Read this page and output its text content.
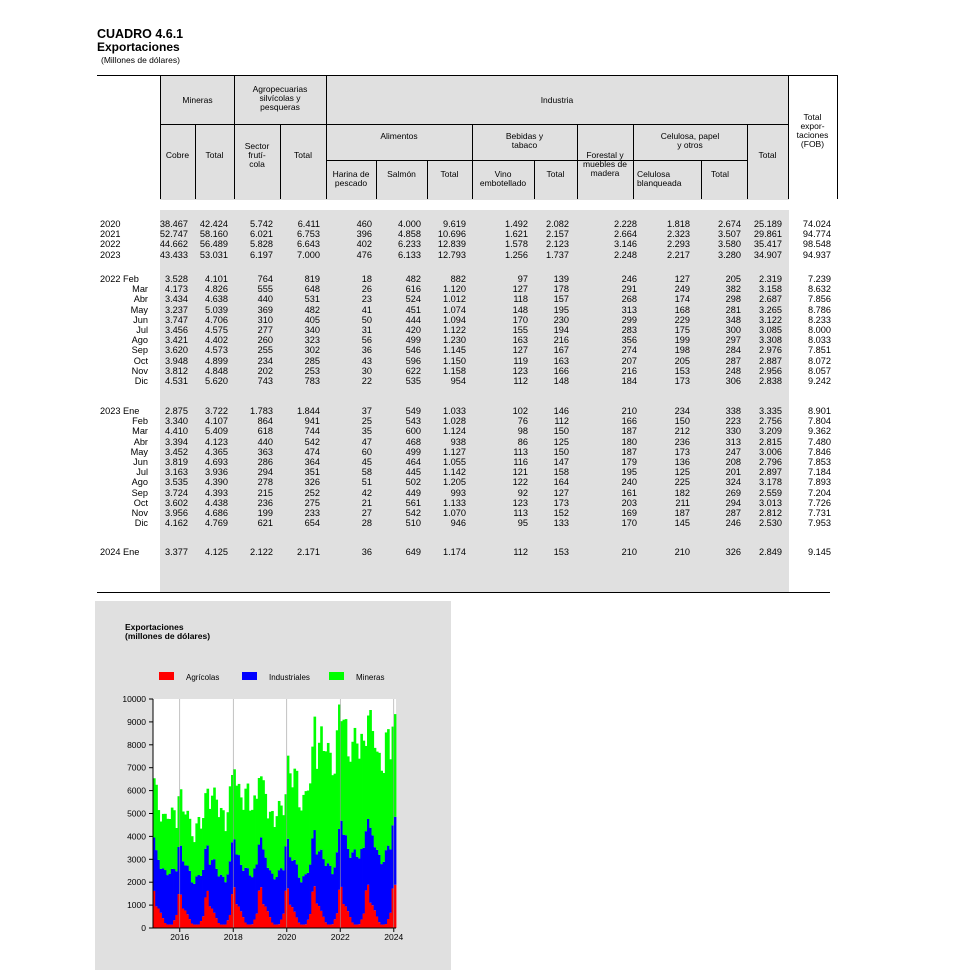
CUADRO 4.6.1
Exportaciones
(Millones de dólares)
Mineras
Agropecuarias
silvícolas y
pesqueras
Industria
Total
expor-
taciones
(FOB)
Cobre	Total
Sector
frutí-
cola
Total
Alimentos	Bebidas y
tabaco
Forestal y
muebles de
madera
Celulosa, papel
y otros
Total
Harina de
pescado
Salmón	Total	Vino
embotellado
Total	Celulosa
blanqueada
Total
2020	38.467 42.424 5.742	6.411	460	4.000 9.619	1.492 2.082	2.228	1.818	2.674 25.189 74.024
2021	52.747 58.160 6.021	6.753	396	4.858 10.696	1.621 2.157	2.664	2.323	3.507 29.861 94.774
2022	44.662 56.489 5.828	6.643	402	6.233 12.839	1.578 2.123	3.146	2.293	3.580 35.417 98.548
2023	43.433 53.031 6.197	7.000	476	6.133 12.793	1.256 1.737	2.248	2.217	3.280 34.907 94.937
2022 Feb	3.528 4.101	764	819	18	482	882	97	139	246	127	205 2.319	7.239
Mar 4.173 4.826	555	648	26	616 1.120	127	178	291	249	382 3.158	8.632
Abr 3.434 4.638	440	531	23	524 1.012	118	157	268	174	298 2.687	7.856
May 3.237 5.039	369	482	41	451 1.074	148	195	313	168	281 3.265	8.786
Jun 3.747 4.706	310	405	50	444 1.094	170	230	299	229	348 3.122	8.233
Jul 3.456 4.575	277	340	31	420 1.122	155	194	283	175	300 3.085	8.000
Ago 3.421 4.402	260	323	56	499 1.230	163	216	356	199	297 3.308	8.033
Sep 3.620 4.573	255	302	36	546 1.145	127	167	274	198	284 2.976	7.851
Oct 3.948 4.899	234	285	43	596 1.150	119	163	207	205	287 2.887	8.072
Nov 3.812 4.848	202	253	30	622 1.158	123	166	216	153	248 2.956	8.057
Dic 4.531 5.620	743	783	22	535	954	112	148	184	173	306 2.838	9.242
2023 Ene	2.875 3.722 1.783	1.844	37	549 1.033	102	146	210	234	338 3.335	8.901
Feb 3.340 4.107	864	941	25	543 1.028	76	112	166	150	223 2.756	7.804
Mar 4.410 5.409	618	744	35	600 1.124	98	150	187	212	330 3.209	9.362
Abr 3.394 4.123	440	542	47	468	938	86	125	180	236	313 2.815	7.480
May 3.452 4.365	363	474	60	499 1.127	113	150	187	173	247 3.006	7.846
Jun 3.819 4.693	286	364	45	464 1.055	116	147	179	136	208 2.796	7.853
Jul 3.163 3.936	294	351	58	445 1.142	121	158	195	125	201 2.897	7.184
Ago 3.535 4.390	278	326	51	502 1.205	122	164	240	225	324 3.178	7.893
Sep 3.724 4.393	215	252	42	449	993	92	127	161	182	269 2.559	7.204
Oct 3.602 4.438	236	275	21	561 1.133	123	173	203	211	294 3.013	7.726
Nov 3.956 4.686	199	233	27	542 1.070	113	152	169	187	287 2.812	7.731
Dic 4.162 4.769	621	654	28	510	946	95	133	170	145	246 2.530	7.953
2024 Ene	3.377 4.125 2.122	2.171	36	649 1.174	112	153	210	210	326 2.849	9.145
Exportaciones
(millones de dólares)
Agrícolas	Industriales	Mineras
0
1000
2000
3000
4000
5000
6000
7000
8000
9000
10000
2016	2018	2020	2022	2024
